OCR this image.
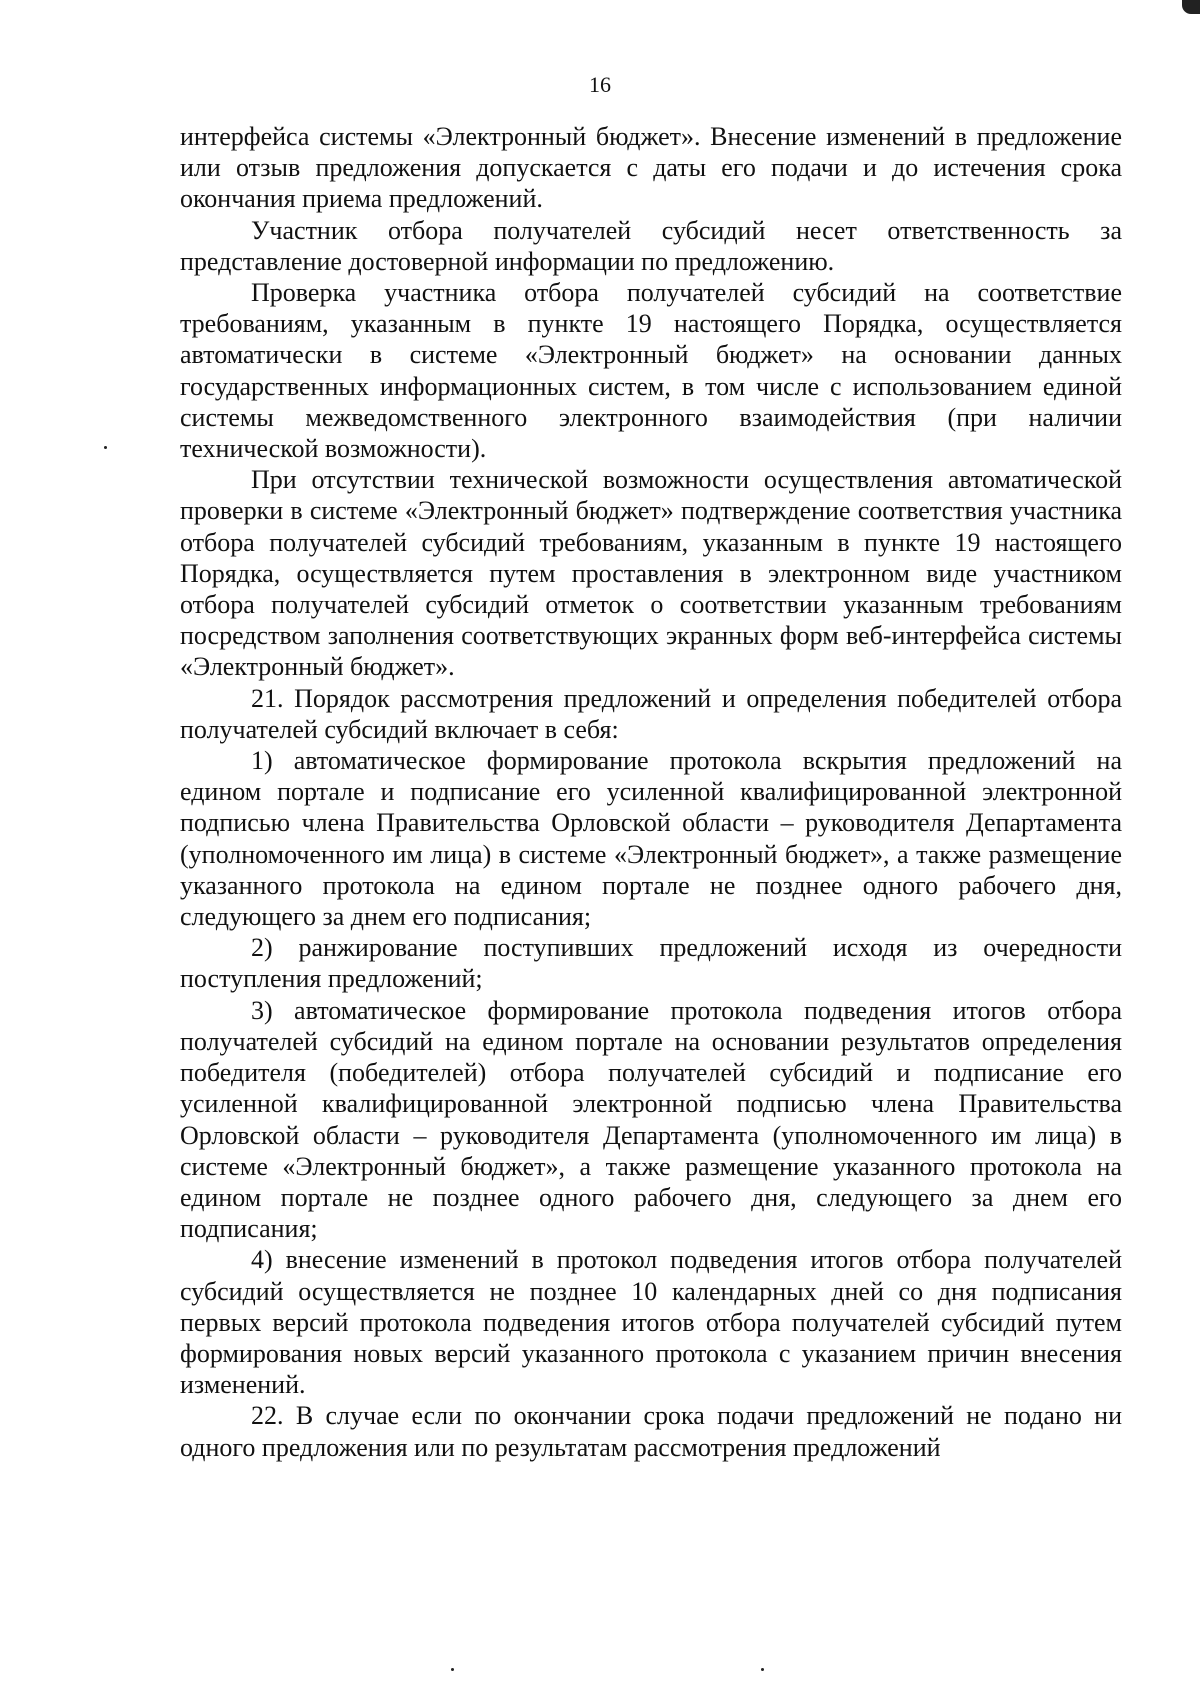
16

интерфейса системы «Электронный бюджет». Внесение изменений в предложение или отзыв предложения допускается с даты его подачи и до истечения срока окончания приема предложений.

Участник отбора получателей субсидий несет ответственность за представление достоверной информации по предложению.

Проверка участника отбора получателей субсидий на соответствие требованиям, указанным в пункте 19 настоящего Порядка, осуществляется автоматически в системе «Электронный бюджет» на основании данных государственных информационных систем, в том числе с использованием единой системы межведомственного электронного взаимодействия (при наличии технической возможности).

При отсутствии технической возможности осуществления автоматической проверки в системе «Электронный бюджет» подтверждение соответствия участника отбора получателей субсидий требованиям, указанным в пункте 19 настоящего Порядка, осуществляется путем проставления в электронном виде участником отбора получателей субсидий отметок о соответствии указанным требованиям посредством заполнения соответствующих экранных форм веб-интерфейса системы «Электронный бюджет».

21. Порядок рассмотрения предложений и определения победителей отбора получателей субсидий включает в себя:

1) автоматическое формирование протокола вскрытия предложений на едином портале и подписание его усиленной квалифицированной электронной подписью члена Правительства Орловской области – руководителя Департамента (уполномоченного им лица) в системе «Электронный бюджет», а также размещение указанного протокола на едином портале не позднее одного рабочего дня, следующего за днем его подписания;

2) ранжирование поступивших предложений исходя из очередности поступления предложений;

3) автоматическое формирование протокола подведения итогов отбора получателей субсидий на едином портале на основании результатов определения победителя (победителей) отбора получателей субсидий и подписание его усиленной квалифицированной электронной подписью члена Правительства Орловской области – руководителя Департамента (уполномоченного им лица) в системе «Электронный бюджет», а также размещение указанного протокола на едином портале не позднее одного рабочего дня, следующего за днем его подписания;

4) внесение изменений в протокол подведения итогов отбора получателей субсидий осуществляется не позднее 10 календарных дней со дня подписания первых версий протокола подведения итогов отбора получателей субсидий путем формирования новых версий указанного протокола с указанием причин внесения изменений.

22. В случае если по окончании срока подачи предложений не подано ни одного предложения или по результатам рассмотрения предложений
